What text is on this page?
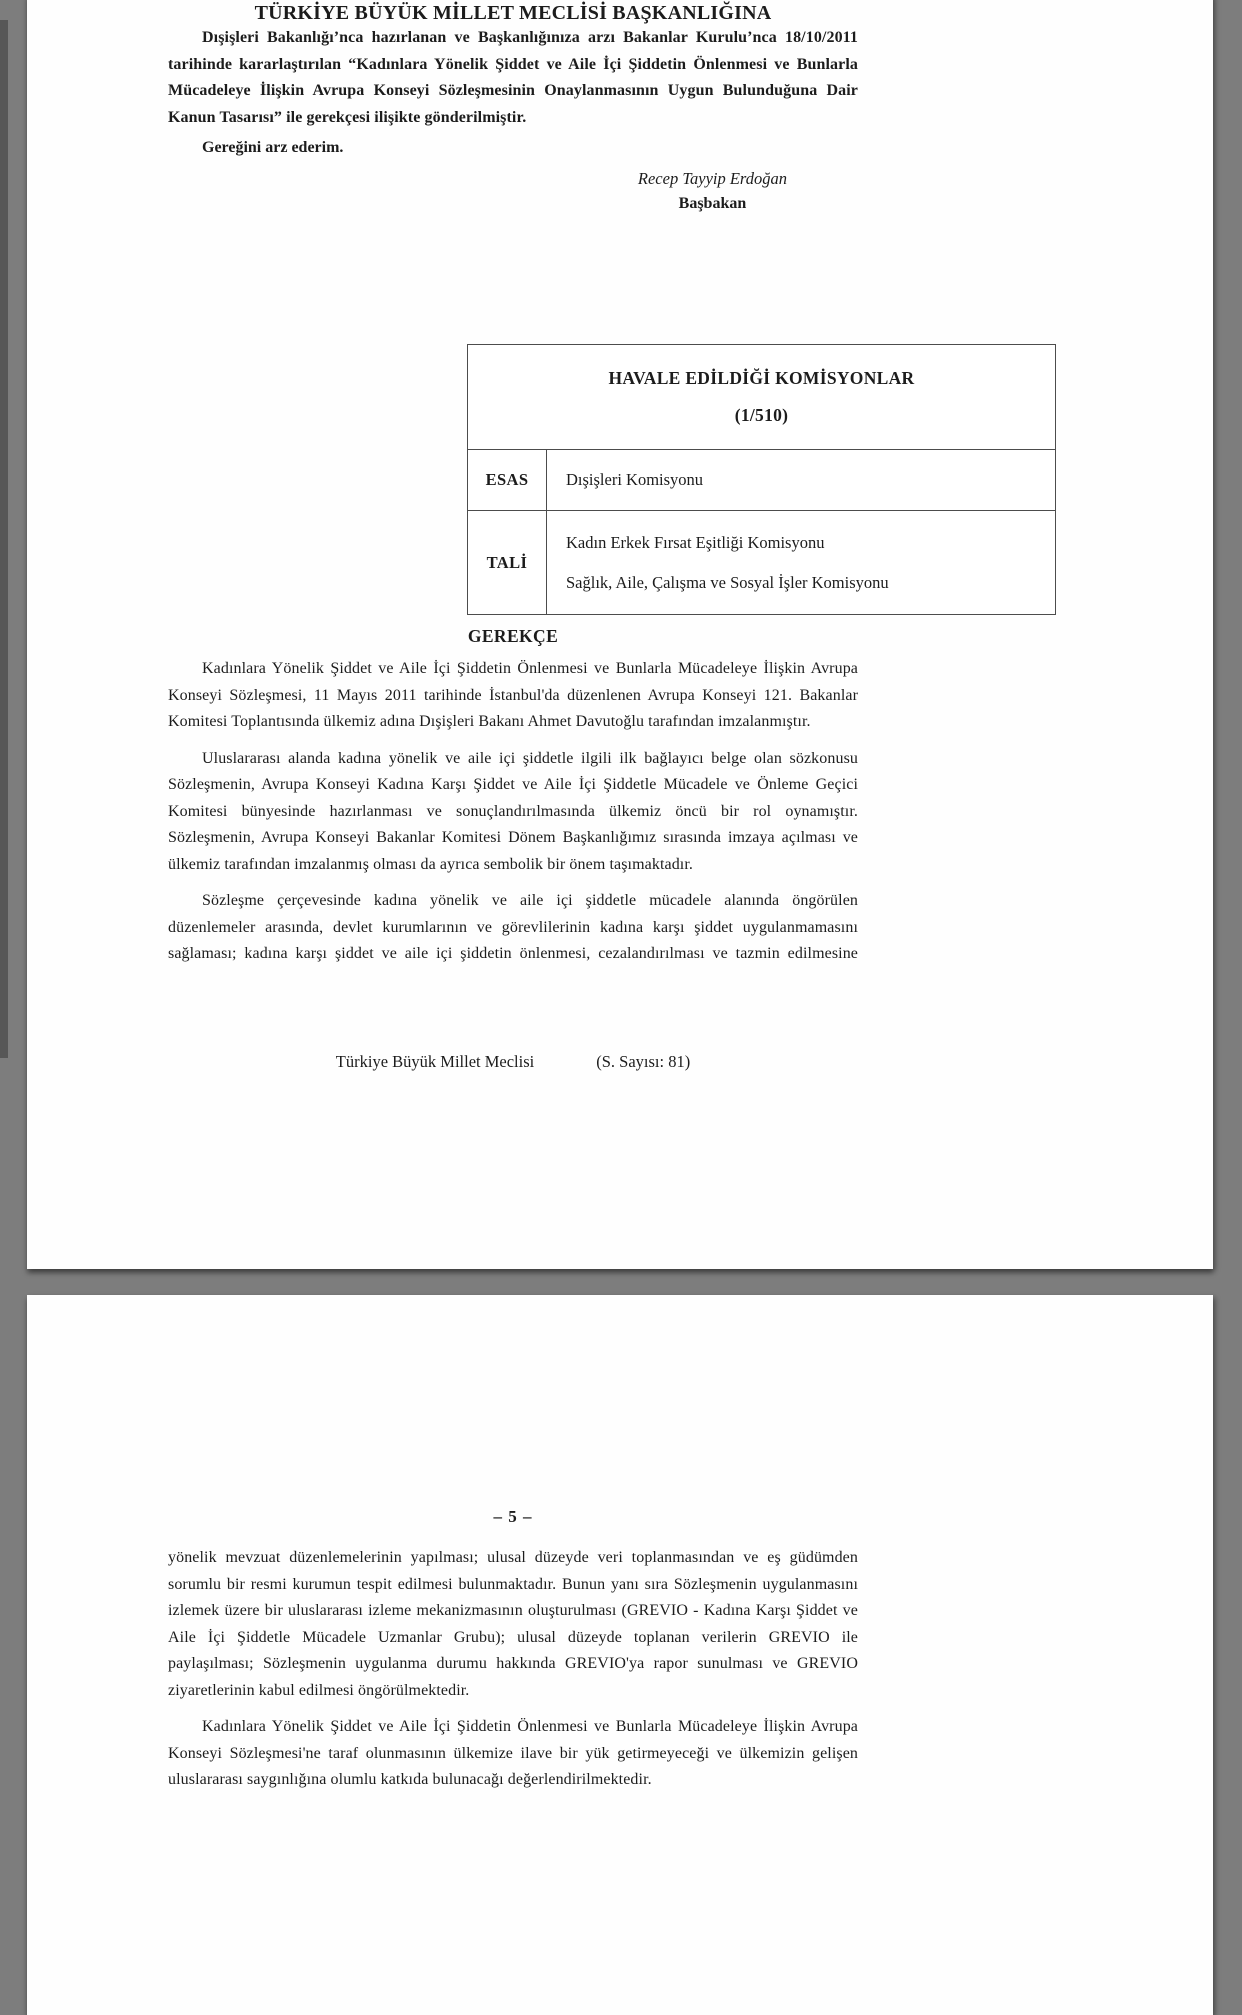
TÜRKİYE BÜYÜK MİLLET MECLİSİ BAŞKANLIĞINA

Dışişleri Bakanlığı’nca hazırlanan ve Başkanlığınıza arzı Bakanlar Kurulu’nca 18/10/2011 tarihinde kararlaştırılan “Kadınlara Yönelik Şiddet ve Aile İçi Şiddetin Önlenmesi ve Bunlarla Mücadeleye İlişkin Avrupa Konseyi Sözleşmesinin Onaylanmasının Uygun Bulunduğuna Dair Kanun Tasarısı” ile gerekçesi ilişikte gönderilmiştir.

Gereğini arz ederim.
Recep Tayyip Erdoğan
Başbakan
HAVALE EDİLDİĞİ KOMİSYONLAR
(1/510)	

ESAS	Dışişleri Komisyonu

TALİ	Kadın Erkek Fırsat Eşitliği Komisyonu
Sağlık, Aile, Çalışma ve Sosyal İşler Komisyonu
GEREKÇE

Kadınlara Yönelik Şiddet ve Aile İçi Şiddetin Önlenmesi ve Bunlarla Mücadeleye İlişkin Avrupa Konseyi Sözleşmesi, 11 Mayıs 2011 tarihinde İstanbul'da düzenlenen Avrupa Konseyi 121. Bakanlar Komitesi Toplantısında ülkemiz adına Dışişleri Bakanı Ahmet Davutoğlu tarafından imzalanmıştır.

Uluslararası alanda kadına yönelik ve aile içi şiddetle ilgili ilk bağlayıcı belge olan sözkonusu Sözleşmenin, Avrupa Konseyi Kadına Karşı Şiddet ve Aile İçi Şiddetle Mücadele ve Önleme Geçici Komitesi bünyesinde hazırlanması ve sonuçlandırılmasında ülkemiz öncü bir rol oynamıştır. Sözleşmenin, Avrupa Konseyi Bakanlar Komitesi Dönem Başkanlığımız sırasında imzaya açılması ve ülkemiz tarafından imzalanmış olması da ayrıca sembolik bir önem taşımaktadır.

Sözleşme çerçevesinde kadına yönelik ve aile içi şiddetle mücadele alanında öngörülen düzenlemeler arasında, devlet kurumlarının ve görevlilerinin kadına karşı şiddet uygulanmamasını sağlaması; kadına karşı şiddet ve aile içi şiddetin önlenmesi, cezalandırılması ve tazmin edilmesine

Türkiye Büyük Millet Meclisi	(S. Sayısı: 81)
– 5 –

yönelik mevzuat düzenlemelerinin yapılması; ulusal düzeyde veri toplanmasından ve eş güdümden sorumlu bir resmi kurumun tespit edilmesi bulunmaktadır. Bunun yanı sıra Sözleşmenin uygulanmasını izlemek üzere bir uluslararası izleme mekanizmasının oluşturulması (GREVIO - Kadına Karşı Şiddet ve Aile İçi Şiddetle Mücadele Uzmanlar Grubu); ulusal düzeyde toplanan verilerin GREVIO ile paylaşılması; Sözleşmenin uygulanma durumu hakkında GREVIO'ya rapor sunulması ve GREVIO ziyaretlerinin kabul edilmesi öngörülmektedir.

Kadınlara Yönelik Şiddet ve Aile İçi Şiddetin Önlenmesi ve Bunlarla Mücadeleye İlişkin Avrupa Konseyi Sözleşmesi'ne taraf olunmasının ülkemize ilave bir yük getirmeyeceği ve ülkemizin gelişen uluslararası saygınlığına olumlu katkıda bulunacağı değerlendirilmektedir.
